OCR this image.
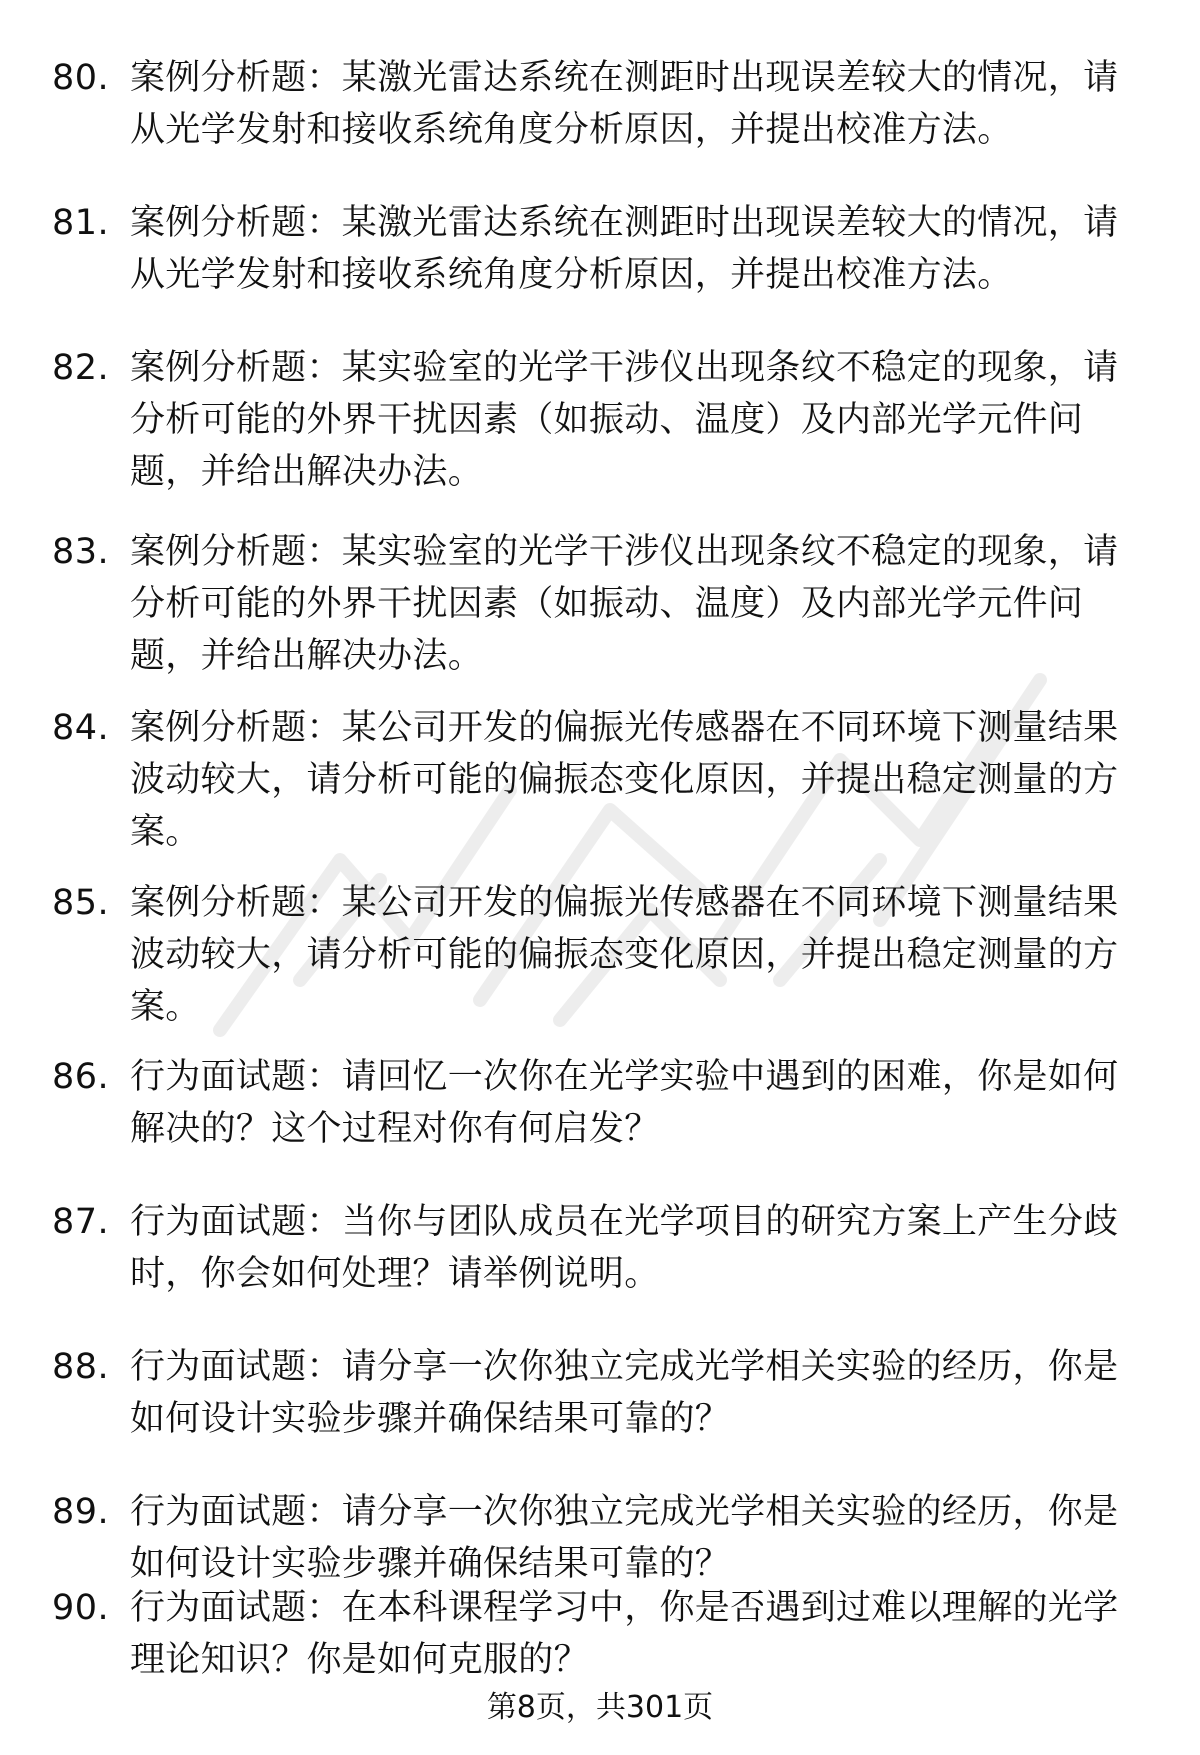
80. 案例分析题：某激光雷达系统在测距时出现误差较大的情况，请从光学发射和接收系统角度分析原因，并提出校准方法。
81. 案例分析题：某激光雷达系统在测距时出现误差较大的情况，请从光学发射和接收系统角度分析原因，并提出校准方法。
82. 案例分析题：某实验室的光学干涉仪出现条纹不稳定的现象，请分析可能的外界干扰因素（如振动、温度）及内部光学元件问题，并给出解决办法。
83. 案例分析题：某实验室的光学干涉仪出现条纹不稳定的现象，请分析可能的外界干扰因素（如振动、温度）及内部光学元件问题，并给出解决办法。
84. 案例分析题：某公司开发的偏振光传感器在不同环境下测量结果波动较大，请分析可能的偏振态变化原因，并提出稳定测量的方案。
85. 案例分析题：某公司开发的偏振光传感器在不同环境下测量结果波动较大，请分析可能的偏振态变化原因，并提出稳定测量的方案。
86. 行为面试题：请回忆一次你在光学实验中遇到的困难，你是如何解决的？这个过程对你有何启发？
87. 行为面试题：当你与团队成员在光学项目的研究方案上产生分歧时，你会如何处理？请举例说明。
88. 行为面试题：请分享一次你独立完成光学相关实验的经历，你是如何设计实验步骤并确保结果可靠的？
89. 行为面试题：请分享一次你独立完成光学相关实验的经历，你是如何设计实验步骤并确保结果可靠的？
90. 行为面试题：在本科课程学习中，你是否遇到过难以理解的光学理论知识？你是如何克服的？
第8页，共301页
